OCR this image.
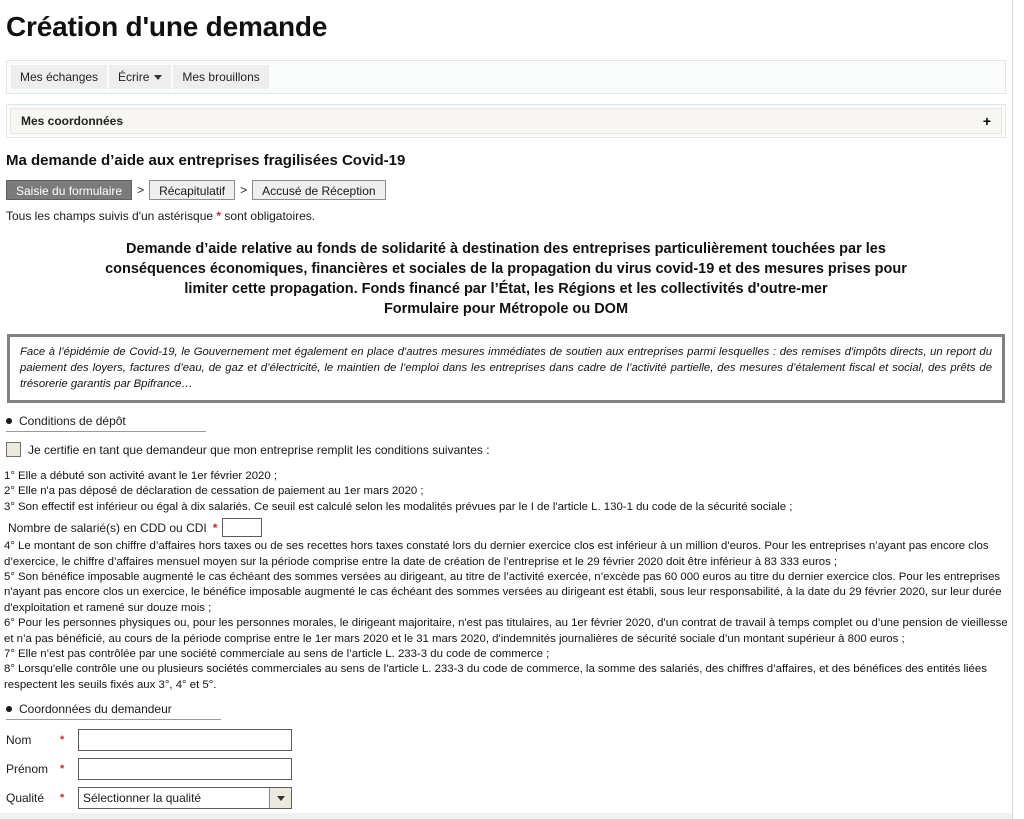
Création d'une demande
Mes échanges Écrire	Mes brouillons
Mes coordonnées	+
Ma demande d’aide aux entreprises fragilisées Covid-19
Saisie du formulaire	>	Récapitulatif	>	Accusé de Réception
Tous les champs suivis d'un astérisque * sont obligatoires.
Demande d’aide relative au fonds de solidarité à destination des entreprises particulièrement touchées par les
conséquences économiques, financières et sociales de la propagation du virus covid-19 et des mesures prises pour
limiter cette propagation. Fonds financé par l’État, les Régions et les collectivités d'outre-mer
Formulaire pour Métropole ou DOM

Face à l’épidémie de Covid-19, le Gouvernement met également en place d'autres mesures immédiates de soutien aux entreprises parmi lesquelles : des remises d'impôts directs, un report du paiement des loyers, factures d’eau, de gaz et d’électricité, le maintien de l’emploi dans les entreprises dans cadre de l’activité partielle, des mesures d’étalement fiscal et social, des prêts de trésorerie garantis par Bpifrance…

Conditions de dépôt
Je certifie en tant que demandeur que mon entreprise remplit les conditions suivantes :

1° Elle a débuté son activité avant le 1er février 2020 ;

2° Elle n'a pas déposé de déclaration de cessation de paiement au 1er mars 2020 ;

3° Son effectif est inférieur ou égal à dix salariés. Ce seuil est calculé selon les modalités prévues par le I de l'article L. 130-1 du code de la sécurité sociale ;

Nombre de salarié(s) en CDD ou CDI *

4° Le montant de son chiffre d’affaires hors taxes ou de ses recettes hors taxes constaté lors du dernier exercice clos est inférieur à un million d'euros. Pour les entreprises n’ayant pas encore clos d’exercice, le chiffre d’affaires mensuel moyen sur la période comprise entre la date de création de l'entreprise et le 29 février 2020 doit être inférieur à 83 333 euros ;

5° Son bénéfice imposable augmenté le cas échéant des sommes versées au dirigeant, au titre de l’activité exercée, n’excède pas 60 000 euros au titre du dernier exercice clos. Pour les entreprises n'ayant pas encore clos un exercice, le bénéfice imposable augmenté le cas échéant des sommes versées au dirigeant est établi, sous leur responsabilité, à la date du 29 février 2020, sur leur durée d'exploitation et ramené sur douze mois ;

6° Pour les personnes physiques ou, pour les personnes morales, le dirigeant majoritaire, n'est pas titulaires, au 1er février 2020, d'un contrat de travail à temps complet ou d’une pension de vieillesse et n’a pas bénéficié, au cours de la période comprise entre le 1er mars 2020 et le 31 mars 2020, d'indemnités journalières de sécurité sociale d’un montant supérieur à 800 euros ;

7° Elle n’est pas contrôlée par une société commerciale au sens de l’article L. 233-3 du code de commerce ;

8° Lorsqu'elle contrôle une ou plusieurs sociétés commerciales au sens de l'article L. 233-3 du code de commerce, la somme des salariés, des chiffres d’affaires, et des bénéfices des entités liées respectent les seuils fixés aux 3°, 4° et 5°.

Coordonnées du demandeur
Nom	*
Prénom	*
Qualité	*	Sélectionner la qualité
